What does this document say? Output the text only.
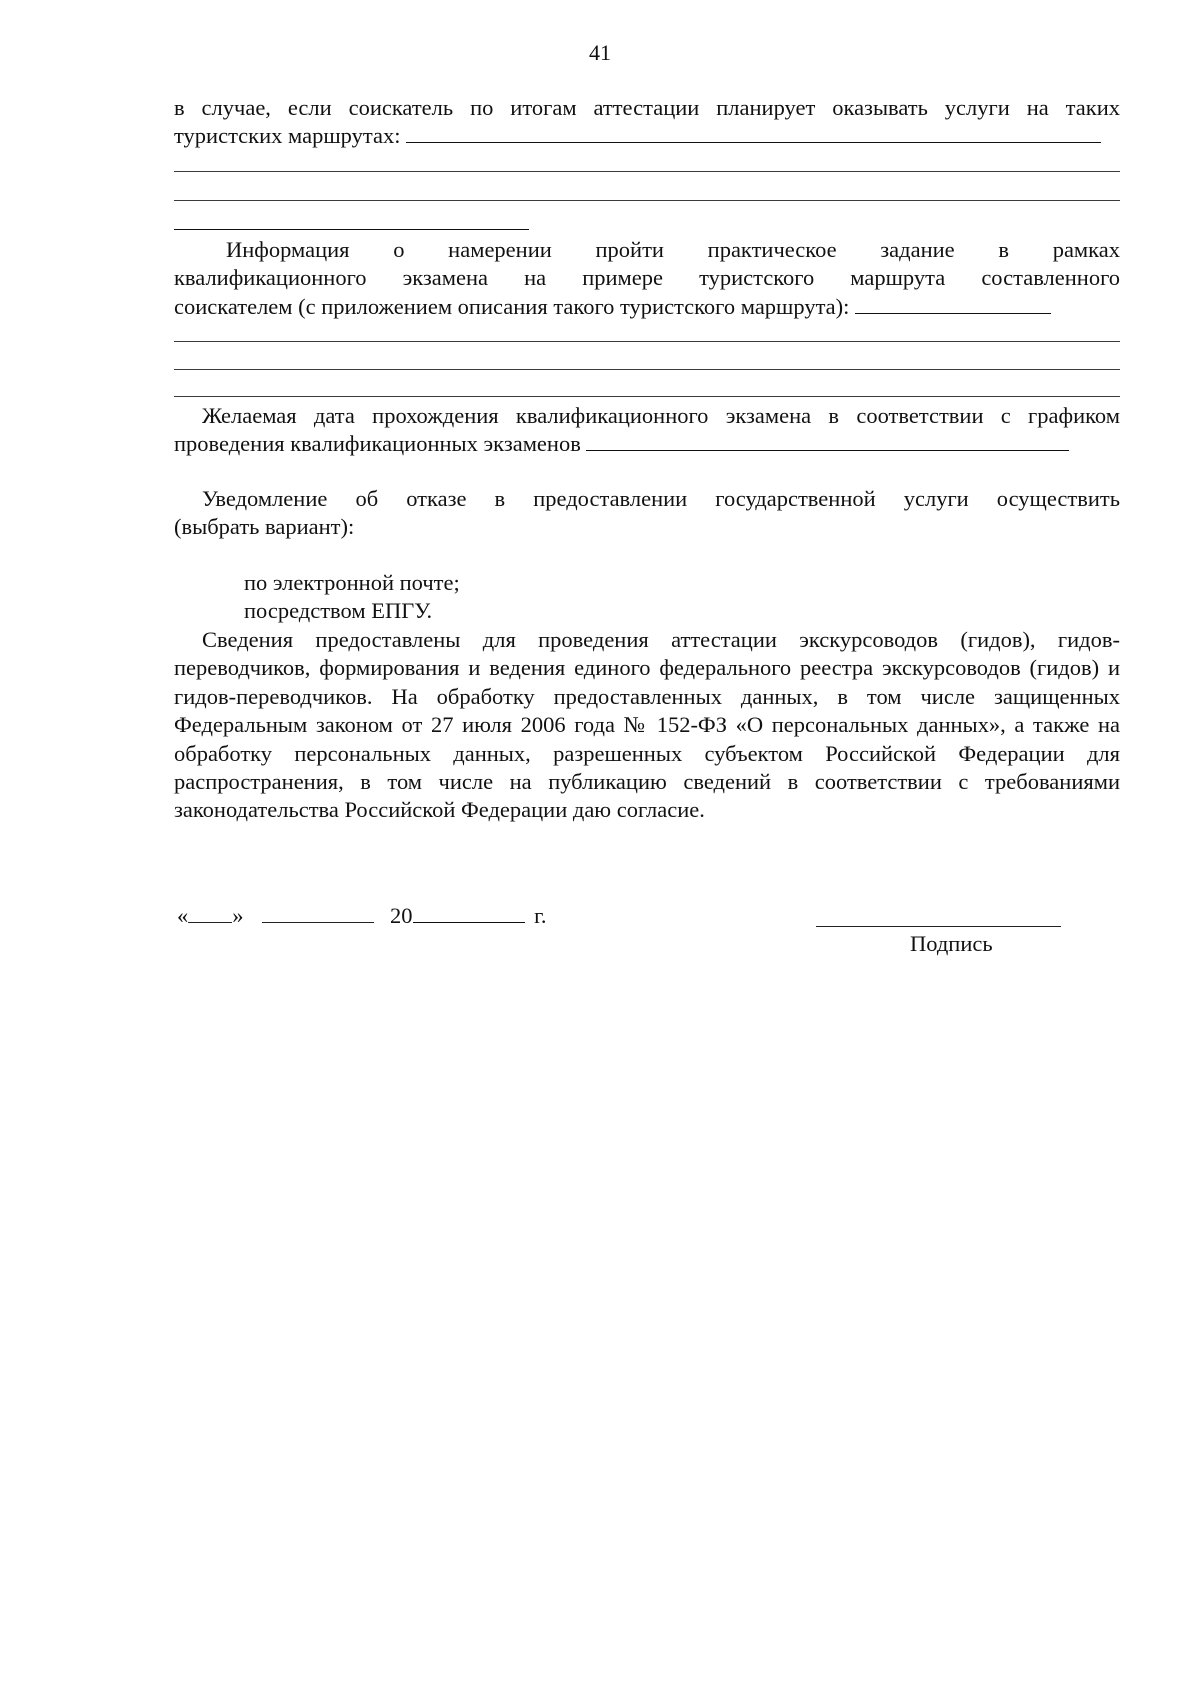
41
в случае, если соискатель по итогам аттестации планирует оказывать услуги на таких
туристских маршрутах:
Информация о намерении пройти практическое задание в рамках
квалификационного экзамена на примере туристского маршрута составленного
соискателем (с приложением описания такого туристского маршрута):
Желаемая дата прохождения квалификационного экзамена в соответствии с графиком
проведения квалификационных экзаменов
Уведомление об отказе в предоставлении государственной услуги осуществить
(выбрать вариант):
по электронной почте;
посредством ЕПГУ.
Сведения предоставлены для проведения аттестации экскурсоводов (гидов), гидов-переводчиков, формирования и ведения единого федерального реестра экскурсоводов (гидов) и гидов-переводчиков. На обработку предоставленных данных, в том числе защищенных Федеральным законом от 27 июля 2006 года № 152-ФЗ «О персональных данных», а также на обработку персональных данных, разрешенных субъектом Российской Федерации для распространения, в том числе на публикацию сведений в соответствии с требованиями законодательства Российской Федерации даю согласие.
« »	20	г.
Подпись
